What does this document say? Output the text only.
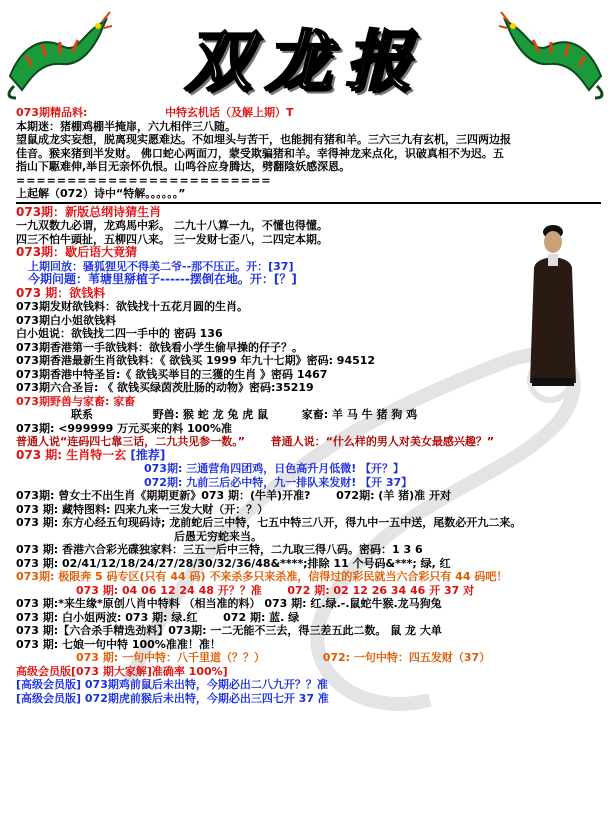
双龙报
073期精品料:	中特玄机话（及解上期）T
本期迷：猪棚鸡棚半掩扉，六九相伴三八随。
望鼠成龙实妄想，脱离现实愿难达。不如埋头与苦干，也能拥有猪和羊。三六三九有玄机，三四两边报
佳音。猴来猪到半发财。 佛口蛇心两面刀，蒙受欺骗猪和羊。幸得神龙来点化，识破真相不为迟。五
指山下駆难伸,举目无亲怀仇恨。山鸣谷应身腾达，劈翻陰妖感深恩。
=========================
上起解（072）诗中“特解。。。。。。”
073期：新版总纲诗猜生肖
一九双数九必谓，龙鸡馬中彩。 二九十八算一九，不懂也得懂。
四三不怕牛頭扯，五柳四八来。 三一发财七歪八，二四定本期。
073期：歇后语大竟猜
上期回放：骚狐狸见不得美二爷--那不压正。开：[37]
今期问题：苇塘里掰植子------摆倒在地。开：[？]
073 期：欲钱料
073期发财欲钱料：欲钱找十五花月圆的生肖。
073期白小姐欲钱料
白小姐说：欲钱找二四一手中的 密码 136
073期香港第一手欲钱料：欲钱看小学生偷早操的仔子？。
073期香港最新生肖欲钱料：《 欲钱买 1999 年九十七期》密码: 94512
073期香港中特圣旨:《 欲钱买举目的三獲的生肖 》密码 1467
073期六合圣旨: 《 欲钱买绿茵茨肚肠的动物》密码:35219
073期野兽与家畜: 家畜
联系	野兽: 猴 蛇 龙 兔 虎 鼠	家畜: 羊 马 牛 猪 狗 鸡
073期: <999999 万元买来的料 100%准
普通人说“连码四七靠三话，二九共见参一数。” 普通人说：“什么样的男人对美女最感兴趣？”
073 期: 生肖特一玄 [推荐]
073期: 三通营角四团鸡，日色高升月低微! 【开？】
072期: 九前三后必中特，九一排队来发财! 【开 37】
073期: 曾女士不出生肖《期期更新》073 期：(牛羊)开准? 072期: (羊 猪)准 开对
073 期: 藏特图料: 四来九来一三发大财（开：？）
073 期: 东方心经五句现码诗; 龙前蛇后三中特，七五中特三八开，得九中一五中送，尾数必开九二来。
后愚无穷蛇来当。
073 期: 香港六合彩光碟独家料：三五一后中三特，二九取三得八码。密码：1 3 6
073 期: 02/41/12/18/24/27/28/30/32/36/48&****;排除 11 个号码&***; 绿, 红
073期: 极限奔 5 码专区(只有 44 码) 不来杀多只来杀准，信得过的彩民就当六合彩只有 44 码吧！
073 期: 04 06 12 24 48 开？？准 072 期: 02 12 26 34 46 开 37 对
073 期:*来生缘*原创八肖中特料 （相当准的料） 073 期: 红.绿.-.鼠蛇牛猴.龙马狗兔
073 期: 白小姐两波: 073 期: 绿.红 072 期: 蓝. 绿
073 期:【六合杀手精选劲料】073期: 一二无能不三去，得三差五此二数。 鼠 龙 大单
073 期: 七娘一句中特 100%准准！准！
073 期: 一句中特：八千里道（？？）	072: 一句中特：四五发财（37）
高级会员版[073 期大家解]准确率 100%]
[高级会员版] 073期鸡前鼠后未出特，今期必出二八九开？？准
[高级会员版] 072期虎前猴后未出特，今期必出三四七开 37 准
